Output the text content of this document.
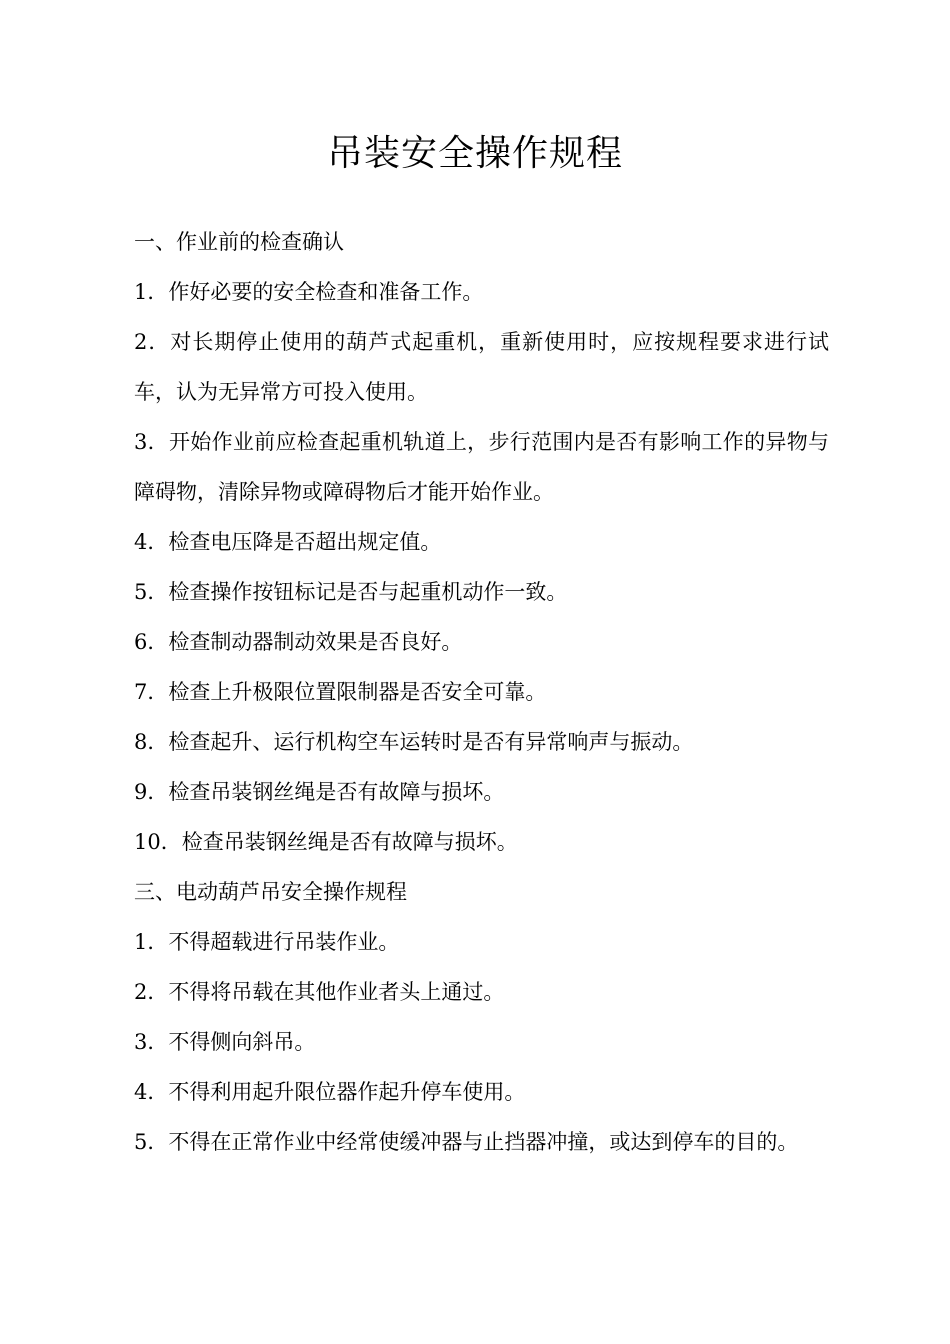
吊装安全操作规程
一、作业前的检查确认
1．作好必要的安全检查和准备工作。
2．对长期停止使用的葫芦式起重机，重新使用时，应按规程要求进行试车，认为无异常方可投入使用。
3．开始作业前应检查起重机轨道上，步行范围内是否有影响工作的异物与障碍物，清除异物或障碍物后才能开始作业。
4．检查电压降是否超出规定值。
5．检查操作按钮标记是否与起重机动作一致。
6．检查制动器制动效果是否良好。
7．检查上升极限位置限制器是否安全可靠。
8．检查起升、运行机构空车运转时是否有异常响声与振动。
9．检查吊装钢丝绳是否有故障与损坏。
10．检查吊装钢丝绳是否有故障与损坏。
三、电动葫芦吊安全操作规程
1．不得超载进行吊装作业。
2．不得将吊载在其他作业者头上通过。
3．不得侧向斜吊。
4．不得利用起升限位器作起升停车使用。
5．不得在正常作业中经常使缓冲器与止挡器冲撞，或达到停车的目的。
